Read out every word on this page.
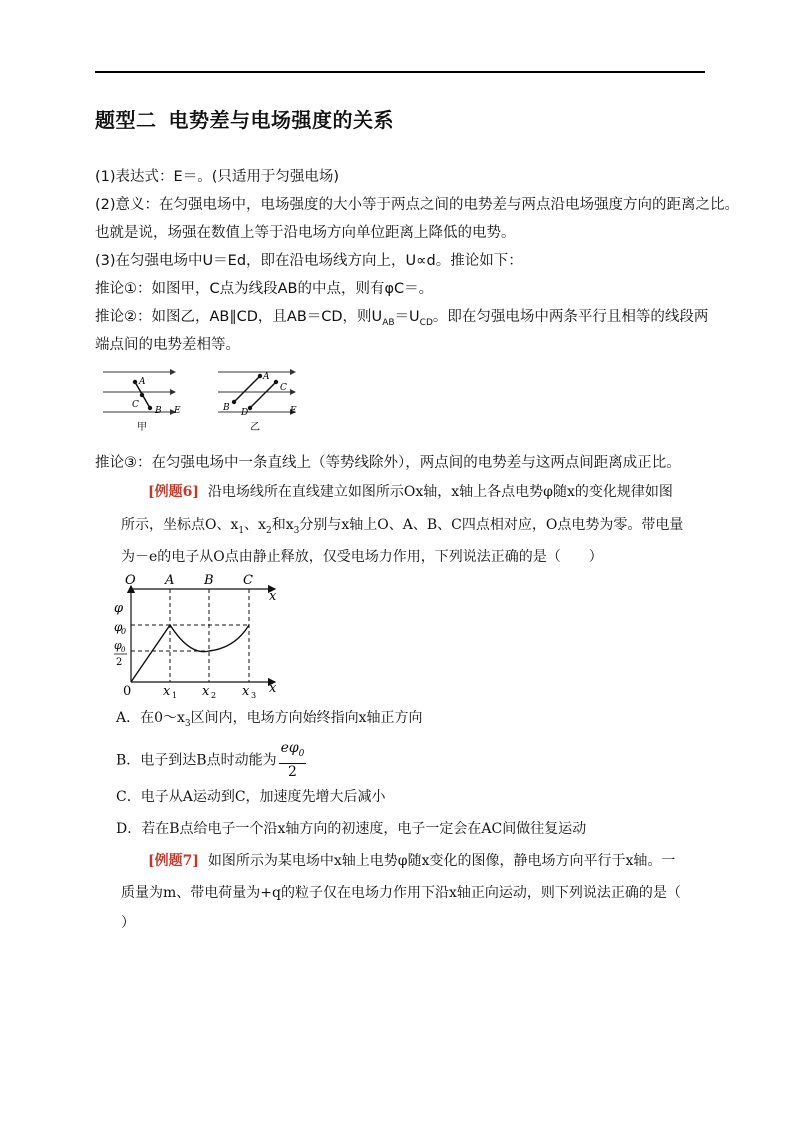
题型二 电势差与电场强度的关系
(1)表达式：E＝。(只适用于匀强电场)
(2)意义：在匀强电场中，电场强度的大小等于两点之间的电势差与两点沿电场强度方向的距离之比。
也就是说，场强在数值上等于沿电场方向单位距离上降低的电势。
(3)在匀强电场中U＝Ed，即在沿电场线方向上，U∝d。推论如下：
推论①：如图甲，C点为线段AB的中点，则有φC＝。
推论②：如图乙，AB∥CD，且AB＝CD，则$U_{AB}=U_{CD}$。即在匀强电场中两条平行且相等的线段两
端点间的电势差相等。
A
C
B E
甲
A
C
B D	E
乙
推论③：在匀强电场中一条直线上（等势线除外），两点间的电势差与这两点间距离成正比。
[例题6] 沿电场线所在直线建立如图所示Ox轴，x轴上各点电势φ随x的变化规律如图
所示，坐标点O、$x_1$、$x_2$和$x_3$分别与x轴上O、A、B、C四点相对应，O点电势为零。带电量
为－e的电子从O点由静止释放，仅受电场力作用，下列说法正确的是（　　）
O A B C
x
φ
φ
0
φ 0
2
0 x 1 x 2 x 3 x
A．在$0\sim x_3$区间内，电场方向始终指向x轴正方向
B．电子到达B点时动能为 $\frac{e\varphi_0}{2}$
C．电子从A运动到C，加速度先增大后减小
D．若在B点给电子一个沿x轴方向的初速度，电子一定会在AC间做往复运动
[例题7] 如图所示为某电场中x轴上电势φ随x变化的图像，静电场方向平行于x轴。一
质量为m、带电荷量为+q的粒子仅在电场力作用下沿x轴正向运动，则下列说法正确的是（
）
